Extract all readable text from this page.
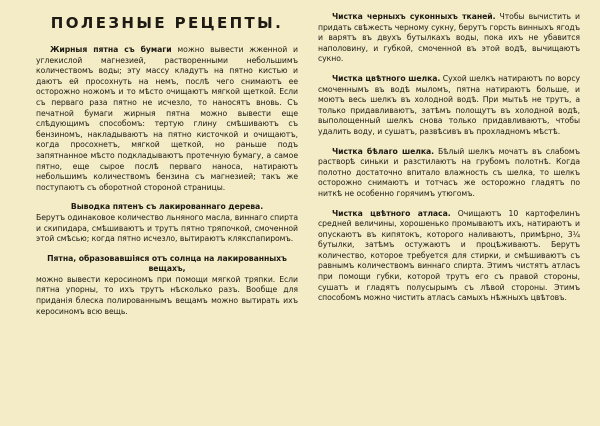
ПОЛЕЗНЫЕ РЕЦЕПТЫ.

Жирныя пятна съ бумаги можно вывести жженной и углекислой магнезией, растворенными небольшимъ количествомъ воды; эту массу кладутъ на пятно кистью и даютъ ей просохнуть на немъ, послѣ чего снимаютъ ее осторожно ножомъ и то мѣсто очищаютъ мягкой щеткой. Если съ перваго раза пятно не исчезло, то наносятъ вновь. Съ печатной бумаги жирныя пятна можно вывести еще слѣдующимъ способомъ: тертую глину смѣшиваютъ съ бензиномъ, накладываютъ на пятно кисточкой и очищаютъ, когда просохнетъ, мягкой щеткой, но раньше подъ запятнанное мѣсто подкладываютъ протечную бумагу, а самое пятно, еще сырое послѣ перваго наноса, натираютъ небольшимъ количествомъ бензина съ магнезией; такъ же поступаютъ съ оборотной стороной страницы.

Выводка пятенъ съ лакированнаго дерева.
Берутъ одинаковое количество льняного масла, виннаго спирта и скипидара, смѣшиваютъ и трутъ пятно тряпочкой, смоченной этой смѣсью; когда пятно исчезло, вытираютъ клякспапиромъ.

Пятна, образовавшiяся отъ солнца на лакированныхъ вещахъ,
можно вывести керосиномъ при помощи мягкой тряпки. Если пятна упорны, то ихъ трутъ нѣсколько разъ. Вообще для приданія блеска полированнымъ вещамъ можно вытирать ихъ керосиномъ всю вещь.

Чистка черныхъ суконныхъ тканей. Чтобы вычистить и придать свѣжесть черному сукну, берутъ горсть винныхъ ягодъ и варятъ въ двухъ бутылкахъ воды, пока ихъ не убавится наполовину, и губкой, смоченной въ этой водѣ, вычищаютъ сукно.

Чистка цвѣтного шелка. Сухой шелкъ натираютъ по ворсу смоченнымъ въ водѣ мыломъ, пятна натираютъ больше, и моютъ весь шелкъ въ холодной водѣ. При мытьѣ не трутъ, а только придавливаютъ, затѣмъ полощутъ въ холодной водѣ, выполощенный шелкъ снова только придавливаютъ, чтобы удалить воду, и сушатъ, развѣсивъ въ прохладномъ мѣстѣ.

Чистка бѣлаго шелка. Бѣлый шелкъ мочатъ въ слабомъ растворѣ синьки и разстилаютъ на грубомъ полотнѣ. Когда полотно достаточно впитало влажность съ шелка, то шелкъ осторожно снимаютъ и тотчасъ же осторожно гладятъ по ниткѣ не особенно горячимъ утюгомъ.

Чистка цвѣтного атласа. Очищаютъ 10 картофелинъ средней величины, хорошенько промываютъ ихъ, натираютъ и опускаютъ въ кипятокъ, которого наливаютъ, примѣрно, 3¼ бутылки, затѣмъ остужаютъ и процѣживаютъ. Берутъ количество, которое требуется для стирки, и смѣшиваютъ съ равнымъ количествомъ виннаго спирта. Этимъ чистятъ атласъ при помощи губки, которой трутъ его съ правой стороны, сушатъ и гладятъ полусырымъ съ лѣвой стороны. Этимъ способомъ можно чистить атласъ самыхъ нѣжныхъ цвѣтовъ.
